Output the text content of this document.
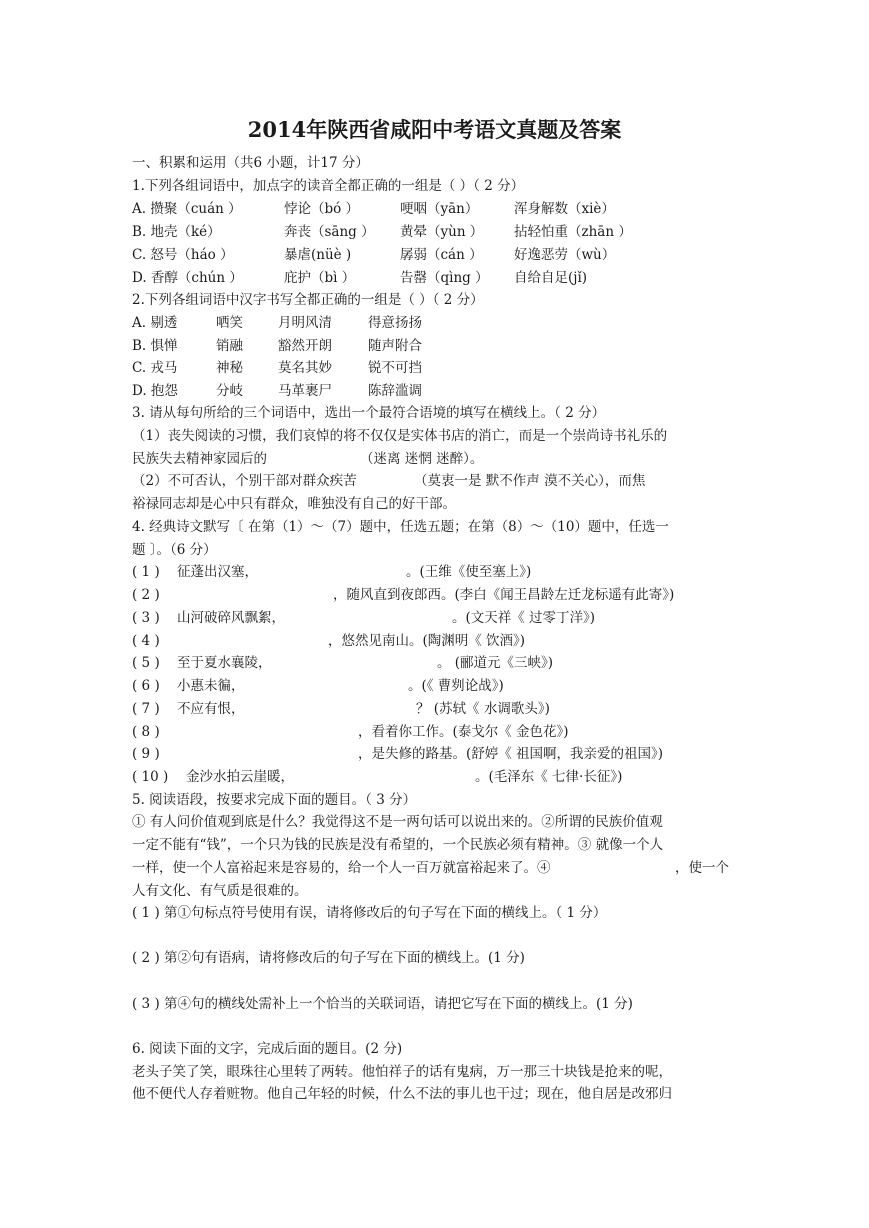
2014年陕西省咸阳中考语文真题及答案
一、积累和运用（共6 小题，计17 分）
1.下列各组词语中，加点字的读音全都正确的一组是（ ）（ 2 分）
A. 攒聚（cuán ）	悖论（bó ）	哽咽（yān）	浑身解数（xiè）
B. 地壳（ké）	奔丧（sāng ） 黄晕（yùn ） 拈轻怕重（zhān ）
C. 怒号（háo ）	暴虐(nüè )	孱弱（cán ） 好逸恶劳（wù）
D. 香醇（chún ）	庇护（bì ）	告罄（qìng ） 自给自足(jǐ)
2.下列各组词语中汉字书写全都正确的一组是（ ）（ 2 分）
A. 剔透	哂笑	月明风清	得意扬扬
B. 惧惮	销融	豁然开朗	随声附合
C. 戎马	神秘	莫名其妙	锐不可挡
D. 抱怨	分岐	马革裹尸	陈辞滥调
3. 请从每句所给的三个词语中，选出一个最符合语境的填写在横线上。（ 2 分）
（1）丧失阅读的习惯，我们哀悼的将不仅仅是实体书店的消亡，而是一个崇尚诗书礼乐的
民族失去精神家园后的	（迷离 迷惘 迷醉）。
（2）不可否认，个别干部对群众疾苦	（莫衷一是 默不作声 漠不关心），而焦
裕禄同志却是心中只有群众，唯独没有自己的好干部。
4. 经典诗文默写〔 在第（1）～（7）题中，任选五题；在第（8）～（10）题中，任选一
题 〕。（6 分）
( 1 ) 征蓬出汉塞，	。(王维《使至塞上》)
( 2 )	，随风直到夜郎西。(李白《闻王昌龄左迁龙标遥有此寄》)
( 3 ) 山河破碎风飘絮，	。(文天祥《 过零丁洋》)
( 4 )	，悠然见南山。(陶渊明《 饮酒》)
( 5 ) 至于夏水襄陵，	。 (郦道元《三峡》)
( 6 ) 小惠未徧，	。(《 曹刿论战》)
( 7 ) 不应有恨，	？ (苏轼《 水调歌头》)
( 8 )	，看着你工作。(泰戈尔《 金色花》)
( 9 )	，是失修的路基。(舒婷《 祖国啊，我亲爱的祖国》)
( 10 ) 金沙水拍云崖暖，	。(毛泽东《 七律·长征》)
5. 阅读语段，按要求完成下面的题目。（ 3 分）
① 有人问价值观到底是什么？我觉得这不是一两句话可以说出来的。②所谓的民族价值观
一定不能有“钱”，一个只为钱的民族是没有希望的，一个民族必须有精神。③ 就像一个人
一样，使一个人富裕起来是容易的，给一个人一百万就富裕起来了。④	，使一个
人有文化、有气质是很难的。
( 1 ) 第①句标点符号使用有误，请将修改后的句子写在下面的横线上。（ 1 分）
( 2 ) 第②句有语病，请将修改后的句子写在下面的横线上。(1 分)
( 3 ) 第④句的横线处需补上一个恰当的关联词语，请把它写在下面的横线上。(1 分)
6. 阅读下面的文字，完成后面的题目。(2 分)
老头子笑了笑，眼珠往心里转了两转。他怕祥子的话有鬼病，万一那三十块钱是抢来的呢，
他不便代人存着赃物。他自己年轻的时候，什么不法的事儿也干过；现在，他自居是改邪归
